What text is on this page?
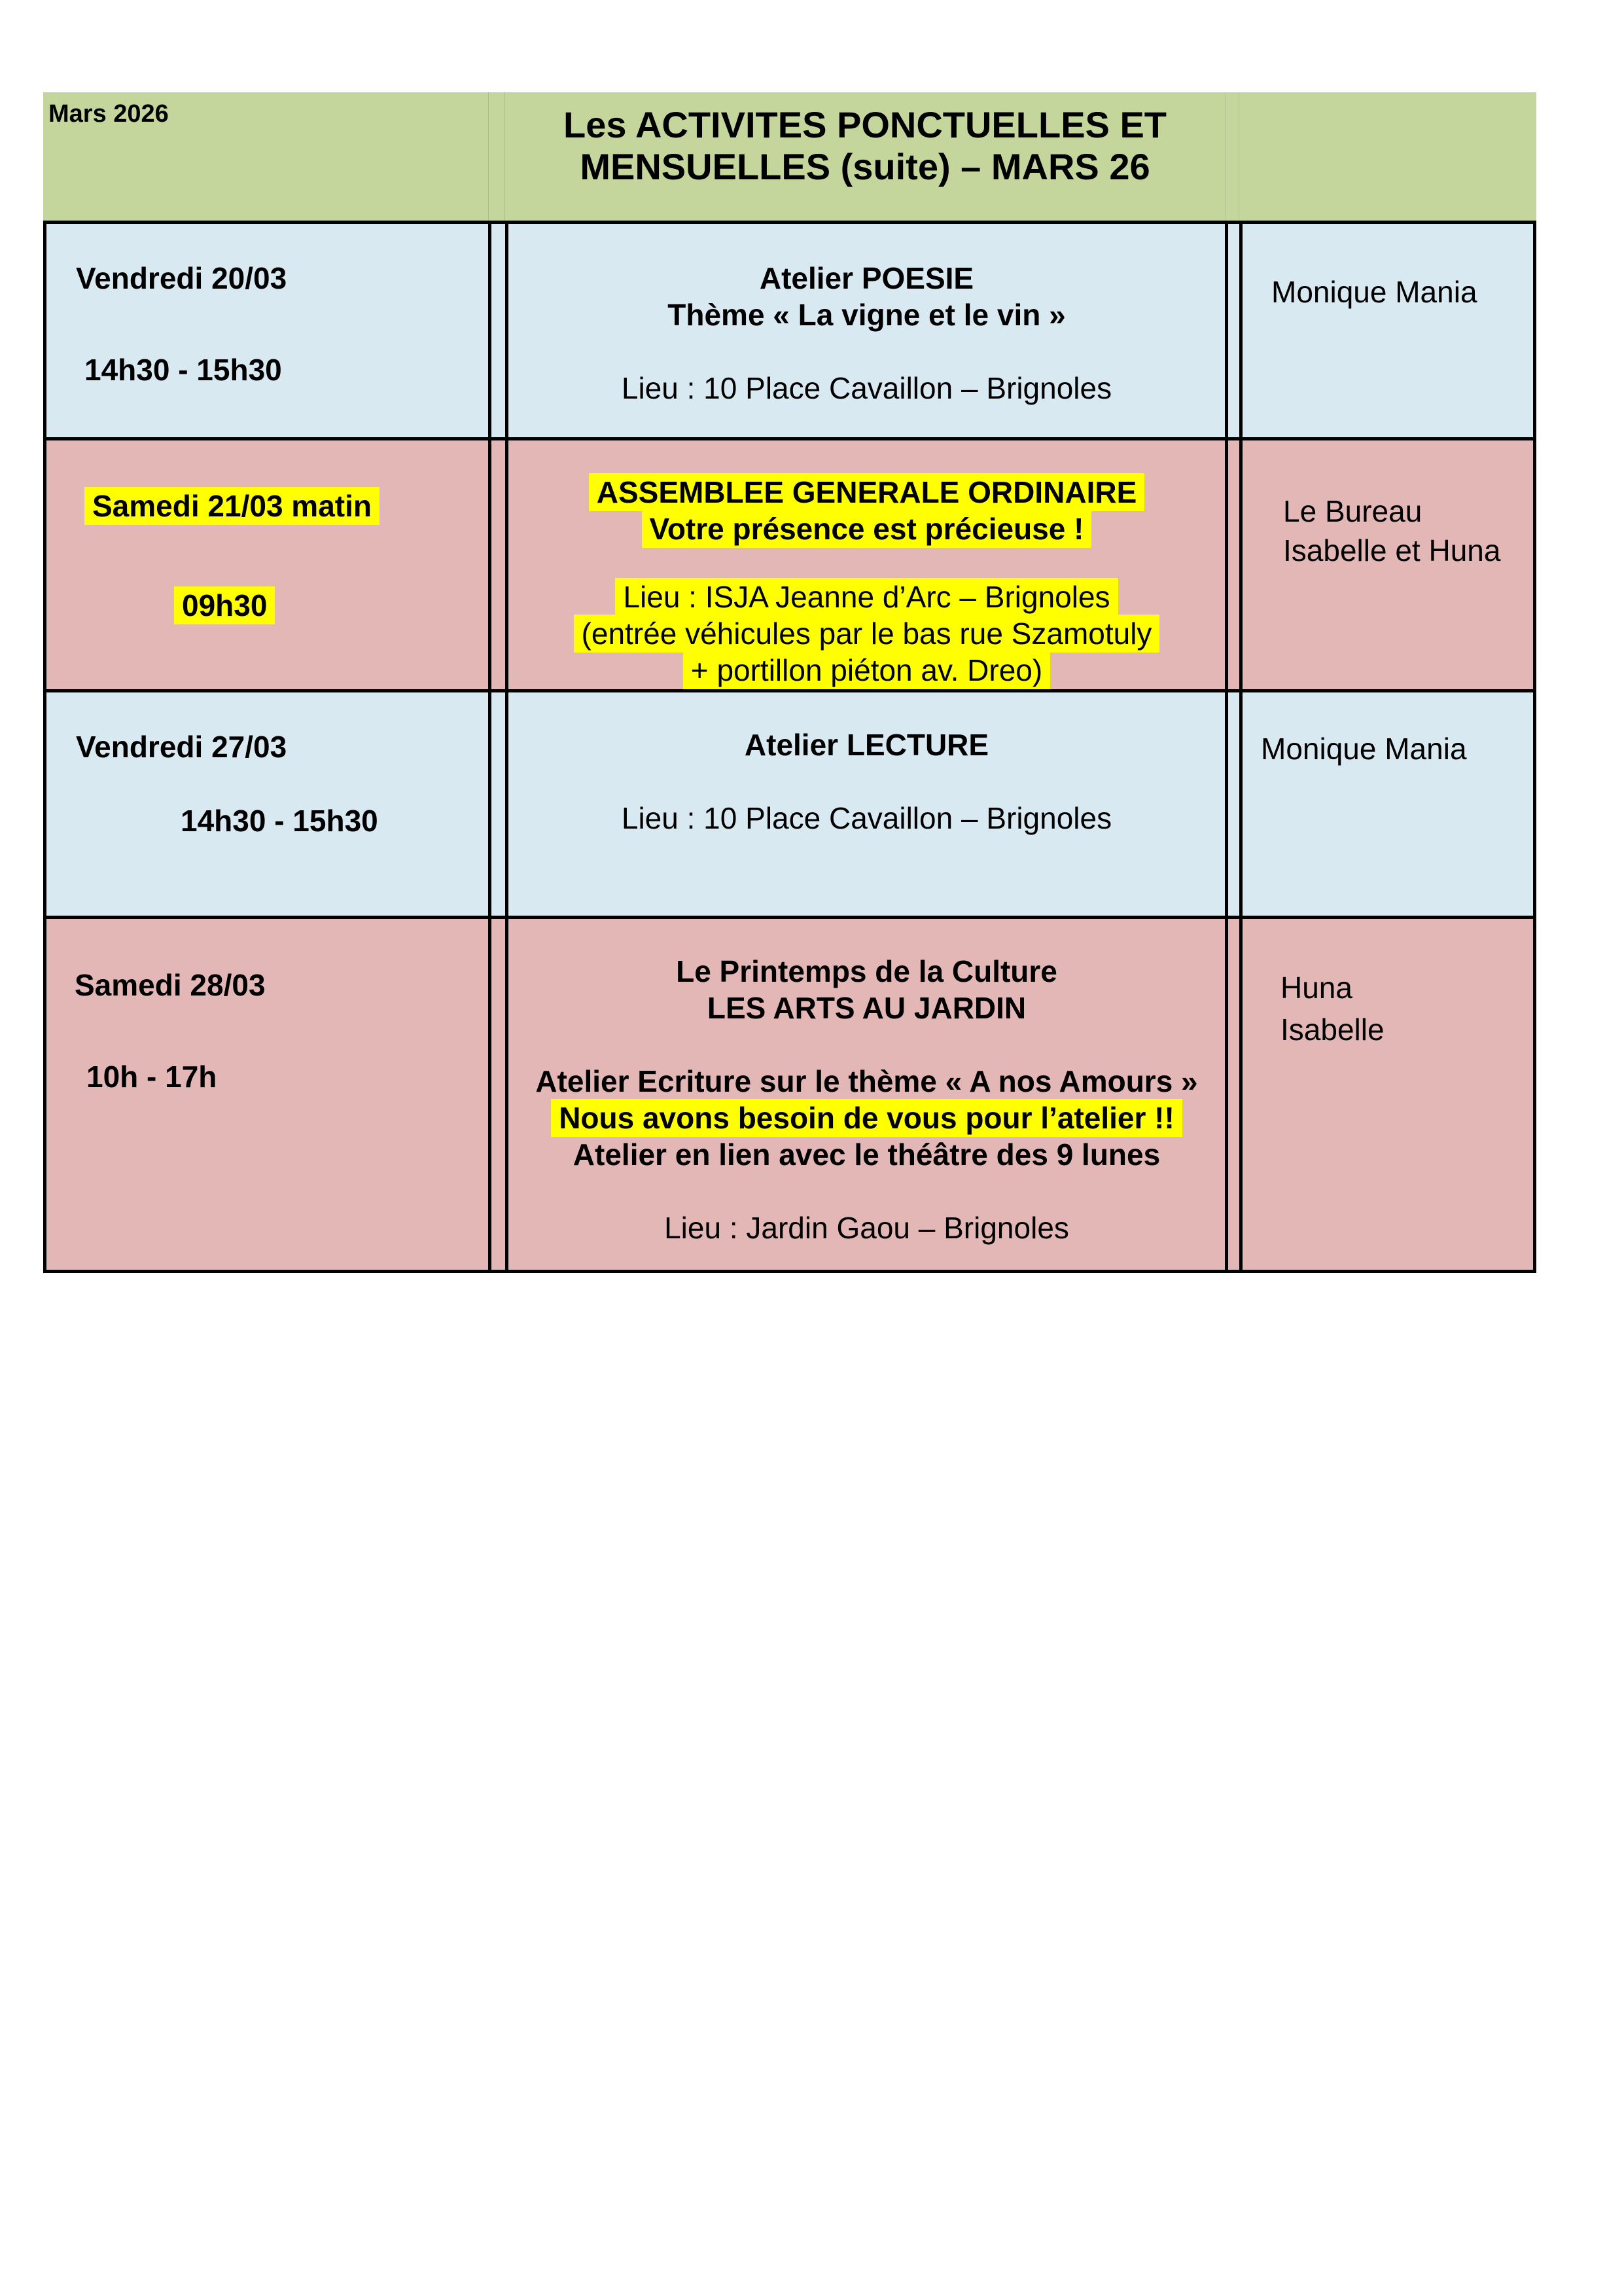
Mars 2026	Les ACTIVITES PONCTUELLES ET
MENSUELLES (suite) – MARS 26
Vendredi 20/03
14h30 - 15h30
Atelier POESIE
Thème « La vigne et le vin »
Lieu : 10 Place Cavaillon – Brignoles
Monique Mania
Samedi 21/03 matin
09h30
ASSEMBLEE GENERALE ORDINAIRE
Votre présence est précieuse !
Lieu : ISJA Jeanne d’Arc – Brignoles
(entrée véhicules par le bas rue Szamotuly
+ portillon piéton av. Dreo)
Le Bureau
Isabelle et Huna
Vendredi 27/03
14h30 - 15h30
Atelier LECTURE
Lieu : 10 Place Cavaillon – Brignoles
Monique Mania
Samedi 28/03
10h - 17h
Le Printemps de la Culture
LES ARTS AU JARDIN
Atelier Ecriture sur le thème « A nos Amours »
Nous avons besoin de vous pour l’atelier !!
Atelier en lien avec le théâtre des 9 lunes
Lieu : Jardin Gaou – Brignoles
Huna
Isabelle
